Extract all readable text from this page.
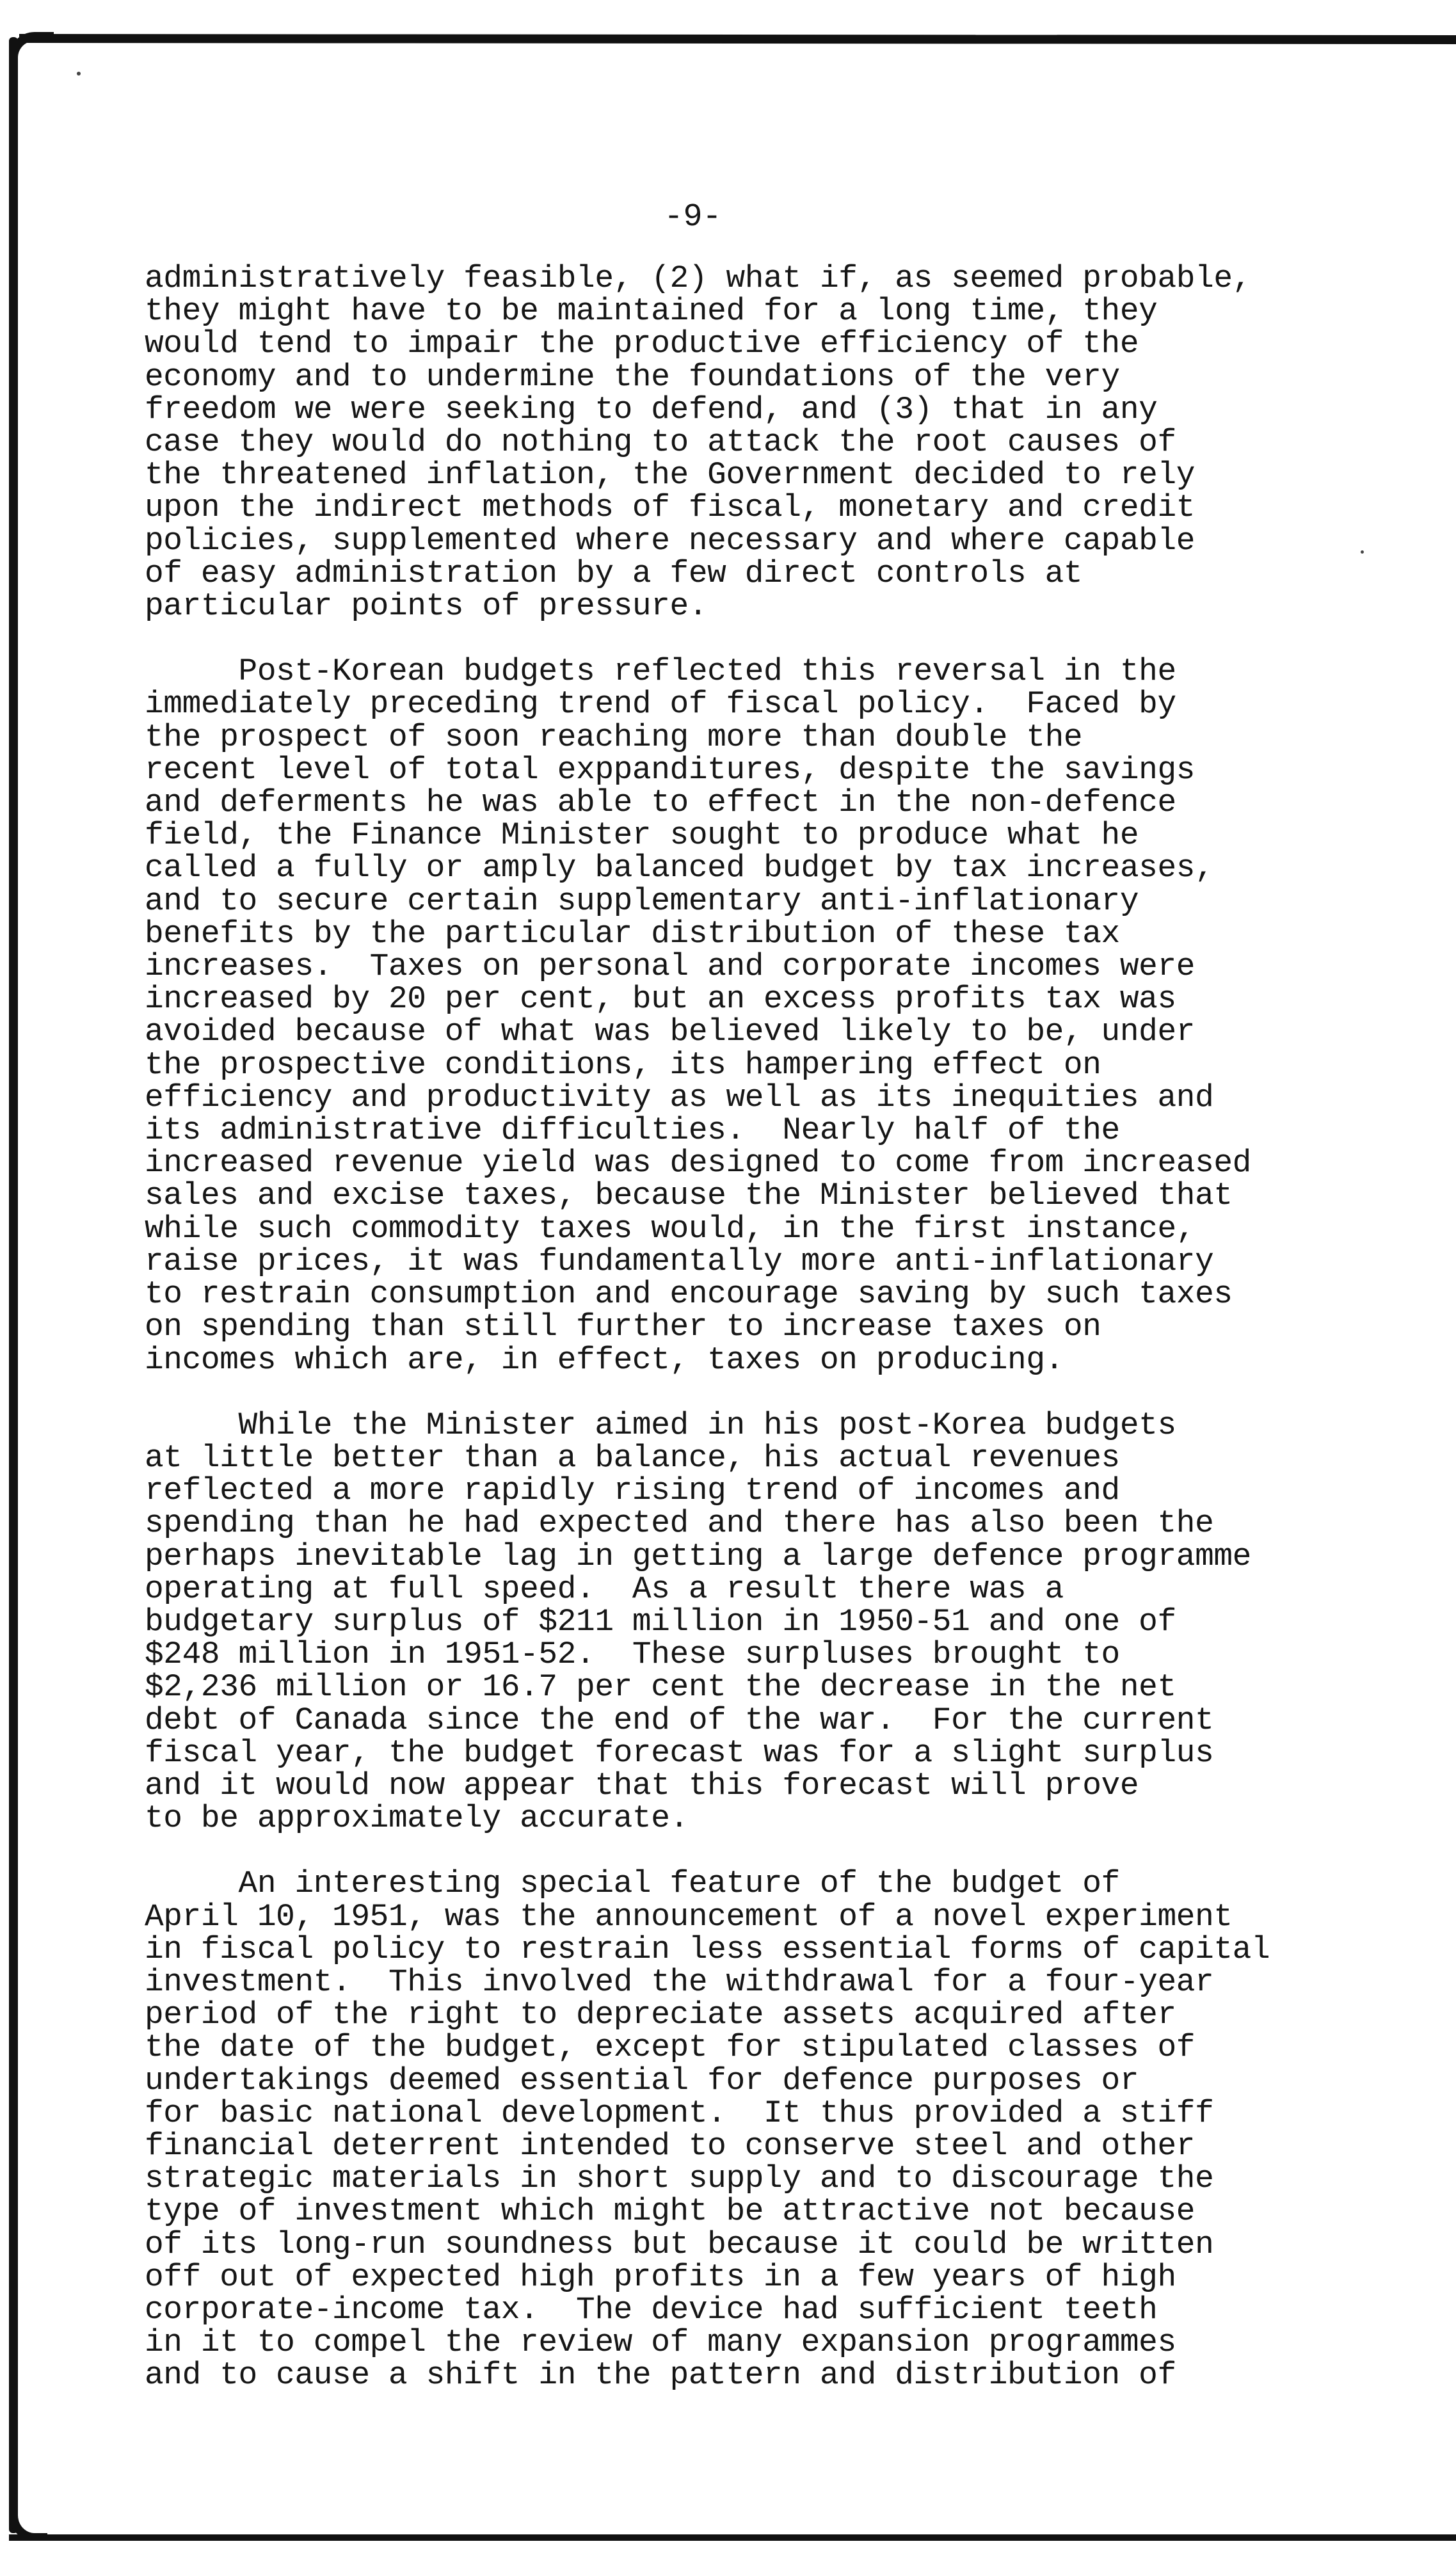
-9-
administratively feasible, (2) what if, as seemed probable,
they might have to be maintained for a long time, they
would tend to impair the productive efficiency of the
economy and to undermine the foundations of the very
freedom we were seeking to defend, and (3) that in any
case they would do nothing to attack the root causes of
the threatened inflation, the Government decided to rely
upon the indirect methods of fiscal, monetary and credit
policies, supplemented where necessary and where capable
of easy administration by a few direct controls at
particular points of pressure.
Post-Korean budgets reflected this reversal in the
immediately preceding trend of fiscal policy.  Faced by
the prospect of soon reaching more than double the
recent level of total exppanditures, despite the savings
and deferments he was able to effect in the non-defence
field, the Finance Minister sought to produce what he
called a fully or amply balanced budget by tax increases,
and to secure certain supplementary anti-inflationary
benefits by the particular distribution of these tax
increases.  Taxes on personal and corporate incomes were
increased by 20 per cent, but an excess profits tax was
avoided because of what was believed likely to be, under
the prospective conditions, its hampering effect on
efficiency and productivity as well as its inequities and
its administrative difficulties.  Nearly half of the
increased revenue yield was designed to come from increased
sales and excise taxes, because the Minister believed that
while such commodity taxes would, in the first instance,
raise prices, it was fundamentally more anti-inflationary
to restrain consumption and encourage saving by such taxes
on spending than still further to increase taxes on
incomes which are, in effect, taxes on producing.
While the Minister aimed in his post-Korea budgets
at little better than a balance, his actual revenues
reflected a more rapidly rising trend of incomes and
spending than he had expected and there has also been the
perhaps inevitable lag in getting a large defence programme
operating at full speed.  As a result there was a
budgetary surplus of $211 million in 1950-51 and one of
$248 million in 1951-52.  These surpluses brought to
$2,236 million or 16.7 per cent the decrease in the net
debt of Canada since the end of the war.  For the current
fiscal year, the budget forecast was for a slight surplus
and it would now appear that this forecast will prove
to be approximately accurate.
An interesting special feature of the budget of
April 10, 1951, was the announcement of a novel experiment
in fiscal policy to restrain less essential forms of capital
investment.  This involved the withdrawal for a four-year
period of the right to depreciate assets acquired after
the date of the budget, except for stipulated classes of
undertakings deemed essential for defence purposes or
for basic national development.  It thus provided a stiff
financial deterrent intended to conserve steel and other
strategic materials in short supply and to discourage the
type of investment which might be attractive not because
of its long-run soundness but because it could be written
off out of expected high profits in a few years of high
corporate-income tax.  The device had sufficient teeth
in it to compel the review of many expansion programmes
and to cause a shift in the pattern and distribution of
